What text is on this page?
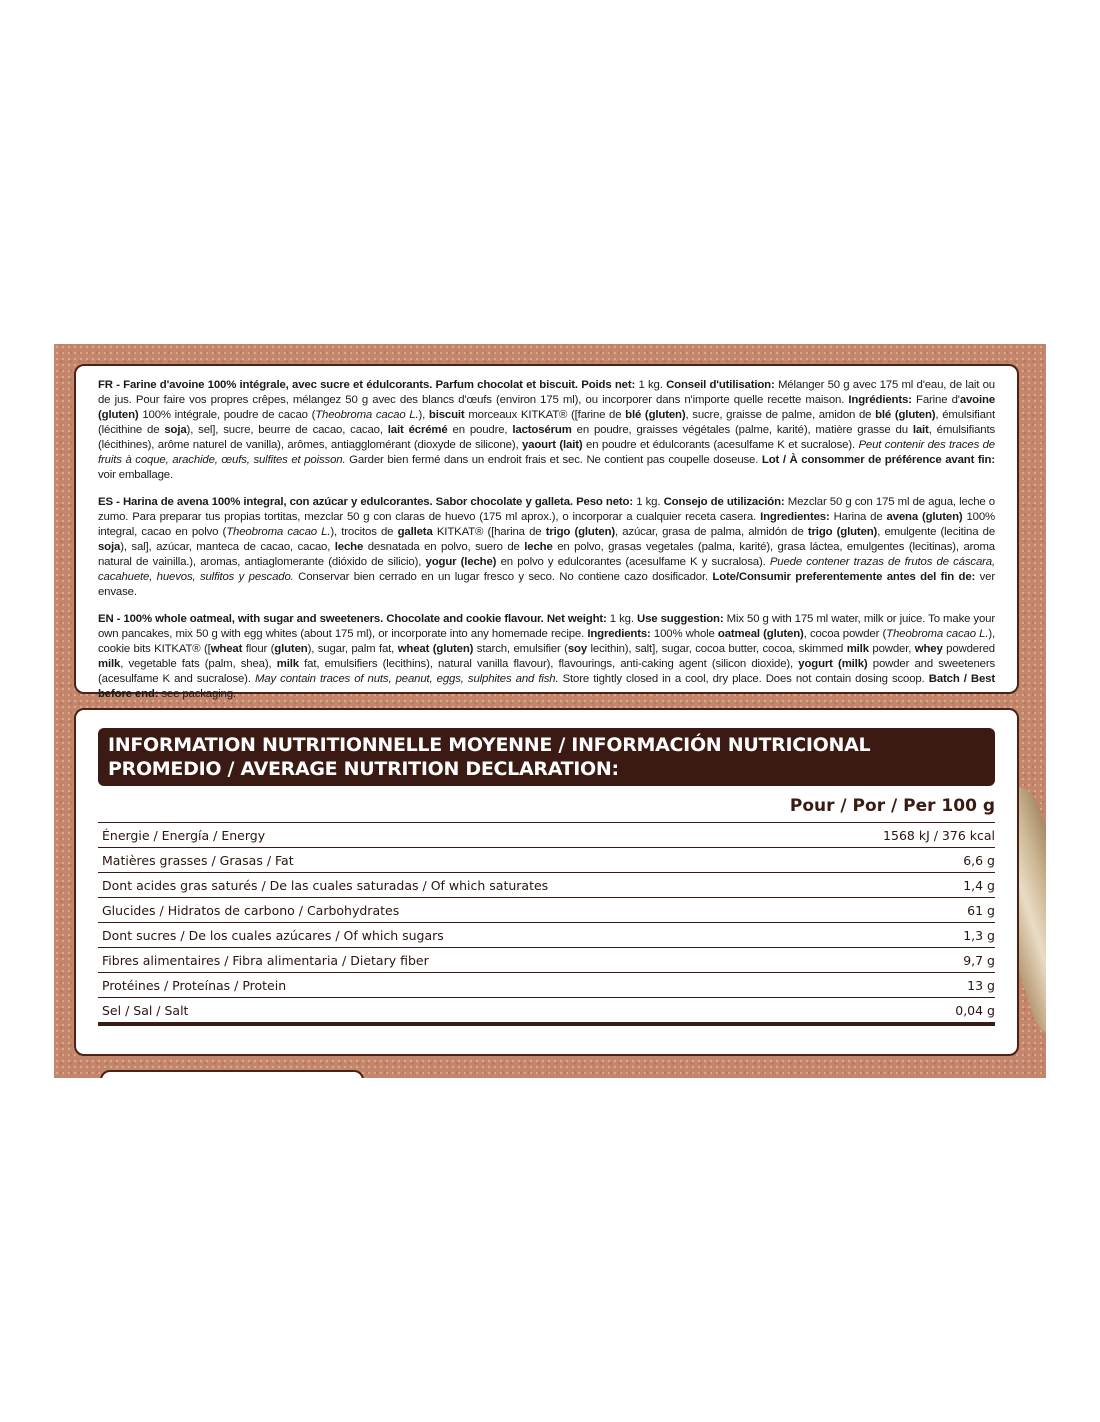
FR - Farine d'avoine 100% intégrale, avec sucre et édulcorants. Parfum chocolat et biscuit. Poids net: 1 kg. Conseil d'utilisation: Mélanger 50 g avec 175 ml d'eau, de lait ou de jus. Pour faire vos propres crêpes, mélangez 50 g avec des blancs d'œufs (environ 175 ml), ou incorporer dans n'importe quelle recette maison. Ingrédients: Farine d'avoine (gluten) 100% intégrale, poudre de cacao (Theobroma cacao L.), biscuit morceaux KITKAT® ([farine de blé (gluten), sucre, graisse de palme, amidon de blé (gluten), émulsifiant (lécithine de soja), sel], sucre, beurre de cacao, cacao, lait écrémé en poudre, lactosérum en poudre, graisses végétales (palme, karité), matière grasse du lait, émulsifiants (lécithines), arôme naturel de vanilla), arômes, antiagglomérant (dioxyde de silicone), yaourt (lait) en poudre et édulcorants (acesulfame K et sucralose). Peut contenir des traces de fruits à coque, arachide, œufs, sulfites et poisson. Garder bien fermé dans un endroit frais et sec. Ne contient pas coupelle doseuse. Lot / À consommer de préférence avant fin: voir emballage.

ES - Harina de avena 100% integral, con azúcar y edulcorantes. Sabor chocolate y galleta. Peso neto: 1 kg. Consejo de utilización: Mezclar 50 g con 175 ml de agua, leche o zumo. Para preparar tus propias tortitas, mezclar 50 g con claras de huevo (175 ml aprox.), o incorporar a cualquier receta casera. Ingredientes: Harina de avena (gluten) 100% integral, cacao en polvo (Theobroma cacao L.), trocitos de galleta KITKAT® ([harina de trigo (gluten), azúcar, grasa de palma, almidón de trigo (gluten), emulgente (lecitina de soja), sal], azúcar, manteca de cacao, cacao, leche desnatada en polvo, suero de leche en polvo, grasas vegetales (palma, karité), grasa láctea, emulgentes (lecitinas), aroma natural de vainilla.), aromas, antiaglomerante (dióxido de silicio), yogur (leche) en polvo y edulcorantes (acesulfame K y sucralosa). Puede contener trazas de frutos de cáscara, cacahuete, huevos, sulfitos y pescado. Conservar bien cerrado en un lugar fresco y seco. No contiene cazo dosificador. Lote/Consumir preferentemente antes del fin de: ver envase.

EN - 100% whole oatmeal, with sugar and sweeteners. Chocolate and cookie flavour. Net weight: 1 kg. Use suggestion: Mix 50 g with 175 ml water, milk or juice. To make your own pancakes, mix 50 g with egg whites (about 175 ml), or incorporate into any homemade recipe. Ingredients: 100% whole oatmeal (gluten), cocoa powder (Theobroma cacao L.), cookie bits KITKAT® ([wheat flour (gluten), sugar, palm fat, wheat (gluten) starch, emulsifier (soy lecithin), salt], sugar, cocoa butter, cocoa, skimmed milk powder, whey powdered milk, vegetable fats (palm, shea), milk fat, emulsifiers (lecithins), natural vanilla flavour), flavourings, anti-caking agent (silicon dioxide), yogurt (milk) powder and sweeteners (acesulfame K and sucralose). May contain traces of nuts, peanut, eggs, sulphites and fish. Store tightly closed in a cool, dry place. Does not contain dosing scoop. Batch / Best before end: see packaging.

INFORMATION NUTRITIONNELLE MOYENNE / INFORMACIÓN NUTRICIONAL PROMEDIO / AVERAGE NUTRITION DECLARATION:
Pour / Por / Per 100 g
Énergie / Energía / Energy	1568 kJ / 376 kcal
Matières grasses / Grasas / Fat	6,6 g
Dont acides gras saturés / De las cuales saturadas / Of which saturates	1,4 g
Glucides / Hidratos de carbono / Carbohydrates	61 g
Dont sucres / De los cuales azúcares / Of which sugars	1,3 g
Fibres alimentaires / Fibra alimentaria / Dietary fiber	9,7 g
Protéines / Proteínas / Protein	13 g
Sel / Sal / Salt	0,04 g
